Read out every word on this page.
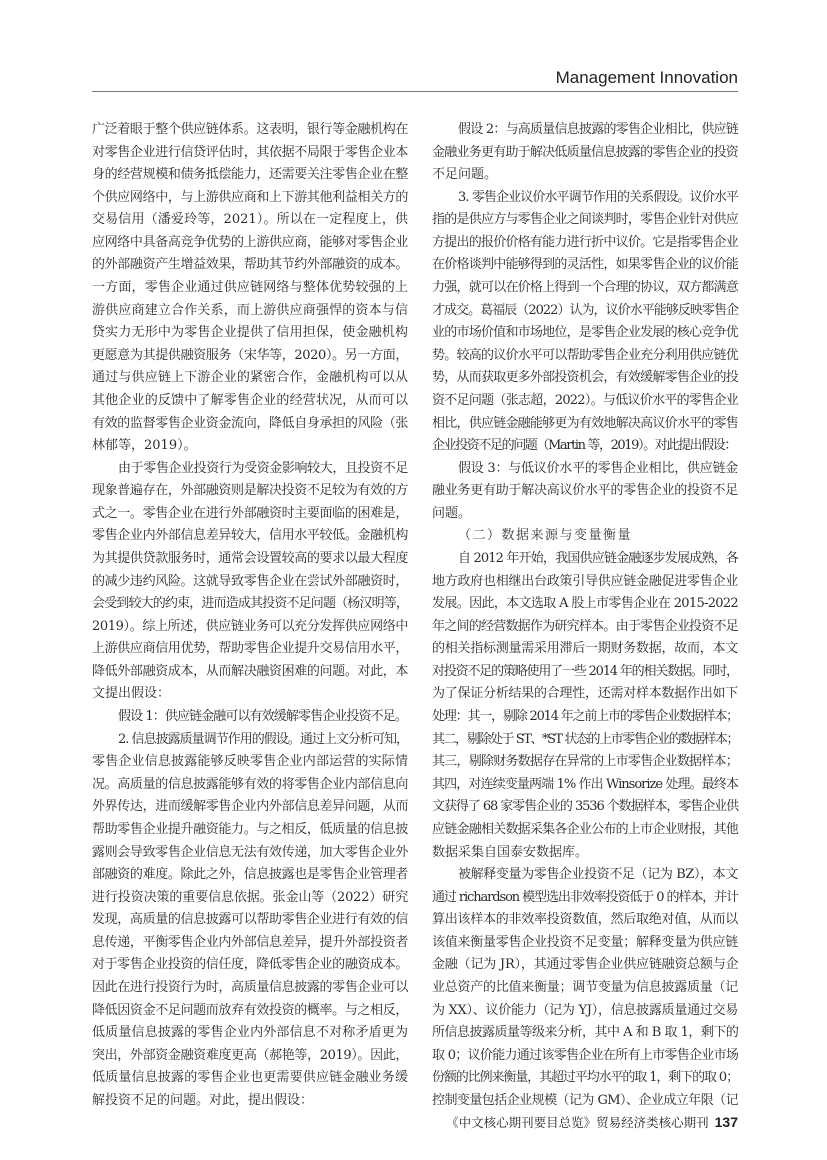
Management Innovation
广泛着眼于整个供应链体系。这表明，银行等金融机构在
对零售企业进行信贷评估时，其依据不局限于零售企业本
身的经营规模和债务抵偿能力，还需要关注零售企业在整
个供应网络中，与上游供应商和上下游其他利益相关方的
交易信用（潘爱玲等，2021）。所以在一定程度上，供
应网络中具备高竞争优势的上游供应商，能够对零售企业
的外部融资产生增益效果，帮助其节约外部融资的成本。
一方面，零售企业通过供应链网络与整体优势较强的上
游供应商建立合作关系，而上游供应商强悍的资本与信
贷实力无形中为零售企业提供了信用担保，使金融机构
更愿意为其提供融资服务（宋华等，2020）。另一方面，
通过与供应链上下游企业的紧密合作，金融机构可以从
其他企业的反馈中了解零售企业的经营状况，从而可以
有效的监督零售企业资金流向，降低自身承担的风险（张
林郁等，2019）。
由于零售企业投资行为受资金影响较大，且投资不足
现象普遍存在，外部融资则是解决投资不足较为有效的方
式之一。零售企业在进行外部融资时主要面临的困难是，
零售企业内外部信息差异较大，信用水平较低。金融机构
为其提供贷款服务时，通常会设置较高的要求以最大程度
的减少违约风险。这就导致零售企业在尝试外部融资时，
会受到较大的约束，进而造成其投资不足问题（杨汉明等，
2019）。综上所述，供应链业务可以充分发挥供应网络中
上游供应商信用优势，帮助零售企业提升交易信用水平，
降低外部融资成本，从而解决融资困难的问题。对此，本
文提出假设：
假设 1：供应链金融可以有效缓解零售企业投资不足。
2. 信息披露质量调节作用的假设。通过上文分析可知，
零售企业信息披露能够反映零售企业内部运营的实际情
况。高质量的信息披露能够有效的将零售企业内部信息向
外界传达，进而缓解零售企业内外部信息差异问题，从而
帮助零售企业提升融资能力。与之相反，低质量的信息披
露则会导致零售企业信息无法有效传递，加大零售企业外
部融资的难度。除此之外，信息披露也是零售企业管理者
进行投资决策的重要信息依据。张金山等（2022）研究
发现，高质量的信息披露可以帮助零售企业进行有效的信
息传递，平衡零售企业内外部信息差异，提升外部投资者
对于零售企业投资的信任度，降低零售企业的融资成本。
因此在进行投资行为时，高质量信息披露的零售企业可以
降低因资金不足问题而放弃有效投资的概率。与之相反，
低质量信息披露的零售企业内外部信息不对称矛盾更为
突出，外部资金融资难度更高（郝艳等，2019）。因此，
低质量信息披露的零售企业也更需要供应链金融业务缓
解投资不足的问题。对此，提出假设：
假设 2：与高质量信息披露的零售企业相比，供应链
金融业务更有助于解决低质量信息披露的零售企业的投资
不足问题。
3. 零售企业议价水平调节作用的关系假设。议价水平
指的是供应方与零售企业之间谈判时，零售企业针对供应
方提出的报价价格有能力进行折中议价。它是指零售企业
在价格谈判中能够得到的灵活性，如果零售企业的议价能
力强，就可以在价格上得到一个合理的协议，双方都满意
才成交。葛福辰（2022）认为，议价水平能够反映零售企
业的市场价值和市场地位，是零售企业发展的核心竞争优
势。较高的议价水平可以帮助零售企业充分利用供应链优
势，从而获取更多外部投资机会，有效缓解零售企业的投
资不足问题（张志超，2022）。与低议价水平的零售企业
相比，供应链金融能够更为有效地解决高议价水平的零售
企业投资不足的问题（Martin 等，2019）。对此提出假设：
假设 3：与低议价水平的零售企业相比，供应链金
融业务更有助于解决高议价水平的零售企业的投资不足
问题。
（二）数据来源与变量衡量
自 2012 年开始，我国供应链金融逐步发展成熟，各
地方政府也相继出台政策引导供应链金融促进零售企业
发展。因此，本文选取 A 股上市零售企业在 2015-2022
年之间的经营数据作为研究样本。由于零售企业投资不足
的相关指标测量需采用滞后一期财务数据，故而，本文
对投资不足的策略使用了一些 2014 年的相关数据。同时，
为了保证分析结果的合理性，还需对样本数据作出如下
处理：其一，剔除 2014 年之前上市的零售企业数据样本；
其二，剔除处于 ST、*ST 状态的上市零售企业的数据样本；
其三，剔除财务数据存在异常的上市零售企业数据样本；
其四，对连续变量两端 1% 作出 Winsorize 处理。最终本
文获得了 68 家零售企业的 3536 个数据样本，零售企业供
应链金融相关数据采集各企业公布的上市企业财报，其他
数据采集自国泰安数据库。
被解释变量为零售企业投资不足（记为 BZ），本文
通过 richardson 模型选出非效率投资低于 0 的样本，并计
算出该样本的非效率投资数值，然后取绝对值，从而以
该值来衡量零售企业投资不足变量；解释变量为供应链
金融（记为 JR），其通过零售企业供应链融资总额与企
业总资产的比值来衡量；调节变量为信息披露质量（记
为 XX）、议价能力（记为 YJ），信息披露质量通过交易
所信息披露质量等级来分析，其中 A 和 B 取 1，剩下的
取 0；议价能力通过该零售企业在所有上市零售企业市场
份额的比例来衡量，其超过平均水平的取 1，剩下的取 0；
控制变量包括企业规模（记为 GM）、企业成立年限（记
《中文核心期刊要目总览》贸易经济类核心期刊 137
